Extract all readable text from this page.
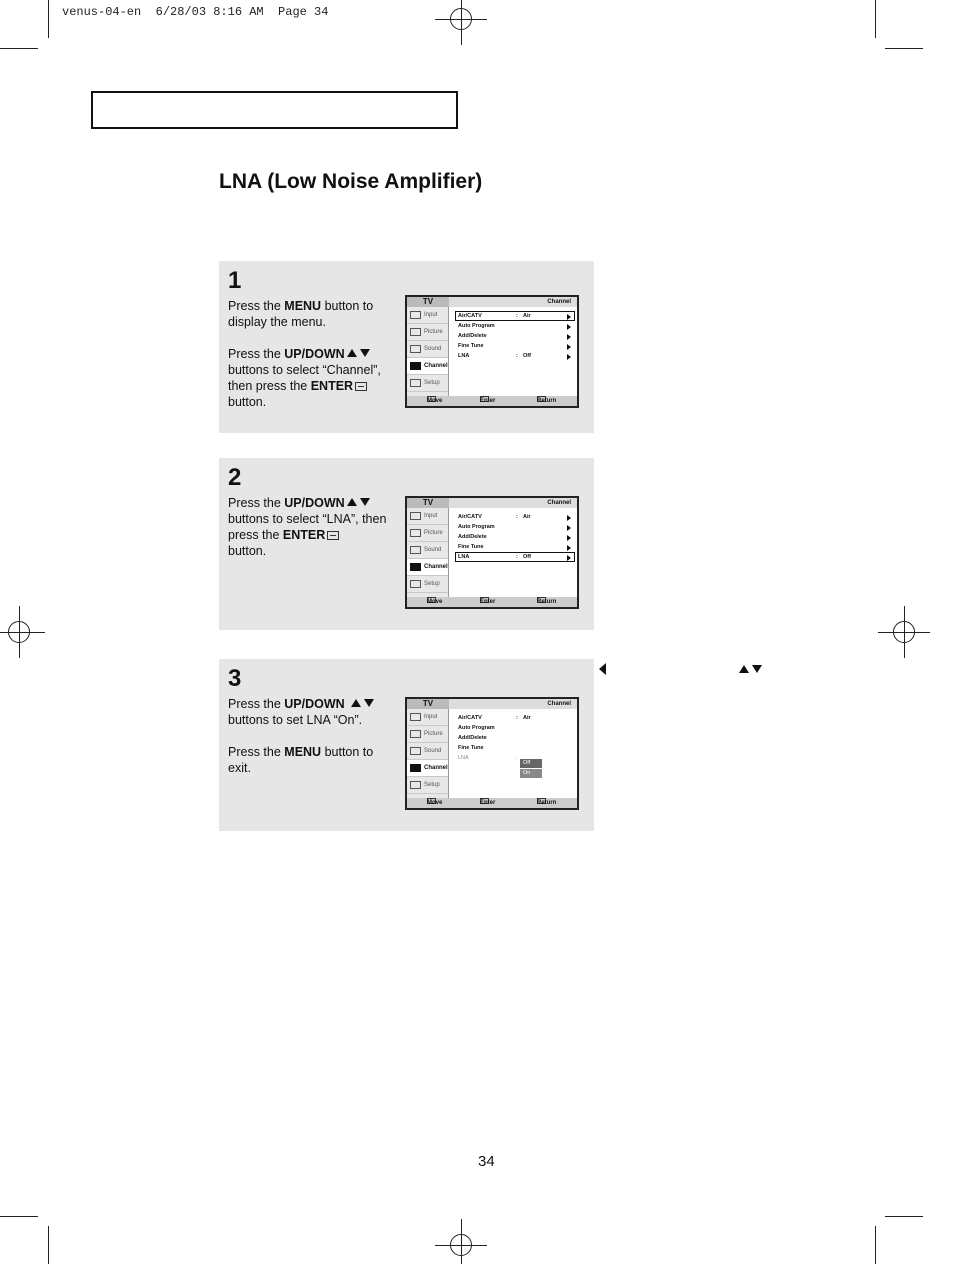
venus-04-en  6/28/03 8:16 AM  Page 34
LNA (Low Noise Amplifier)
1

Press the MENU button to display the menu.

Press the UP/DOWN
buttons to select “Channel”, then press the ENTER
button.

TV	Channel
Input
Picture
Sound
Channel
Setup
Air/CATV	: Air
Auto Program
Add/Delete
Fine Tune
LNA	: Off
Move	Enter	Return
2

Press the UP/DOWN
buttons to select “LNA”, then press the ENTER
button.

TV	Channel
Input
Picture
Sound
Channel
Setup
Air/CATV	: Air
Auto Program
Add/Delete
Fine Tune
LNA	: Off
Move	Enter	Return
3

Press the UP/DOWN
buttons to set LNA “On”.

Press the MENU button to exit.

TV	Channel
Input
Picture
Sound
Channel
Setup
Air/CATV	: Air
Auto Program
Add/Delete
Fine Tune
LNA	:
Off
On
Move	Enter	Return
34
